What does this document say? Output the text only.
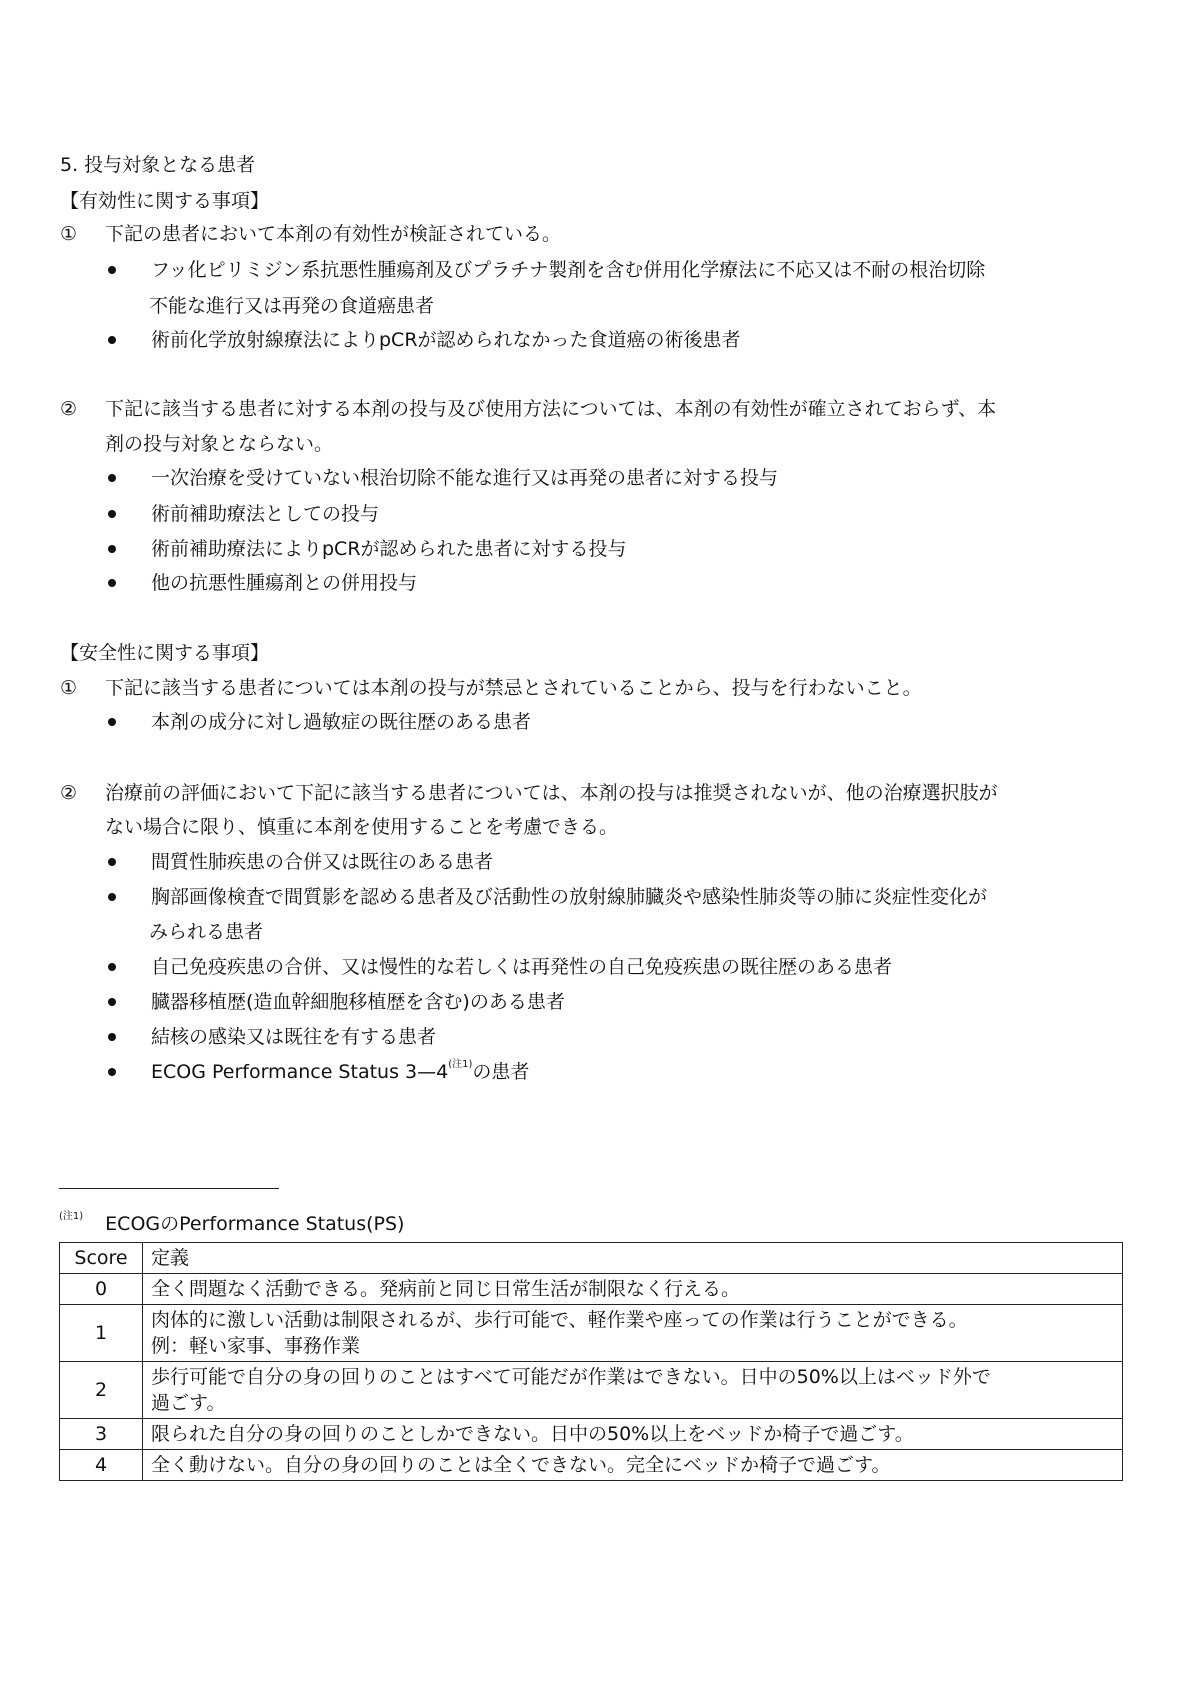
5. 投与対象となる患者
【有効性に関する事項】
① 下記の患者において本剤の有効性が検証されている。
フッ化ピリミジン系抗悪性腫瘍剤及びプラチナ製剤を含む併用化学療法に不応又は不耐の根治切除
不能な進行又は再発の食道癌患者
術前化学放射線療法によりpCRが認められなかった食道癌の術後患者
② 下記に該当する患者に対する本剤の投与及び使用方法については、本剤の有効性が確立されておらず、本
剤の投与対象とならない。
一次治療を受けていない根治切除不能な進行又は再発の患者に対する投与
術前補助療法としての投与
術前補助療法によりpCRが認められた患者に対する投与
他の抗悪性腫瘍剤との併用投与
【安全性に関する事項】
① 下記に該当する患者については本剤の投与が禁忌とされていることから、投与を行わないこと。
本剤の成分に対し過敏症の既往歴のある患者
② 治療前の評価において下記に該当する患者については、本剤の投与は推奨されないが、他の治療選択肢が
ない場合に限り、慎重に本剤を使用することを考慮できる。
間質性肺疾患の合併又は既往のある患者
胸部画像検査で間質影を認める患者及び活動性の放射線肺臓炎や感染性肺炎等の肺に炎症性変化が
みられる患者
自己免疫疾患の合併、又は慢性的な若しくは再発性の自己免疫疾患の既往歴のある患者
臓器移植歴(造血幹細胞移植歴を含む)のある患者
結核の感染又は既往を有する患者
ECOG Performance Status $3—4^{(注1)}$の患者
$^{(注1)}$ ECOGのPerformance Status(PS)
Score	定義
0	全く問題なく活動できる。発病前と同じ日常生活が制限なく行える。

1	肉体的に激しい活動は制限されるが、歩行可能で、軽作業や座っての作業は行うことができる。
例：軽い家事、事務作業

2	歩行可能で自分の身の回りのことはすべて可能だが作業はできない。日中の50%以上はベッド外で
過ごす。

3	限られた自分の身の回りのことしかできない。日中の50%以上をベッドか椅子で過ごす。

4	全く動けない。自分の身の回りのことは全くできない。完全にベッドか椅子で過ごす。
